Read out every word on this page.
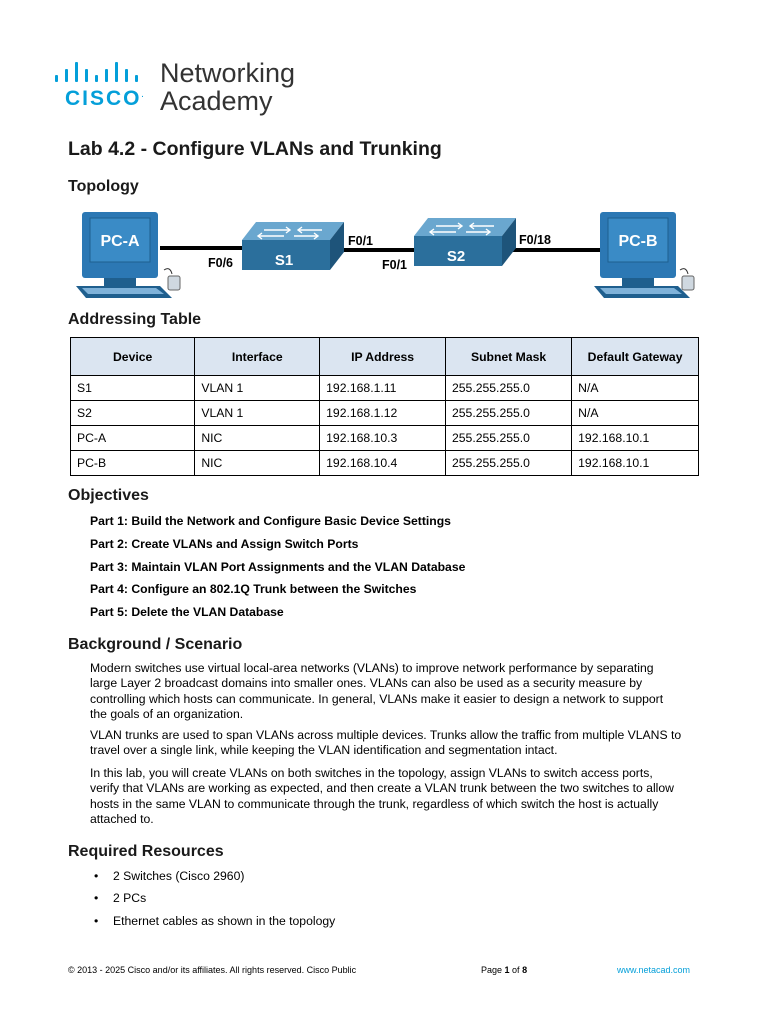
CISCO.
Networking
Academy
Lab 4.2 - Configure VLANs and Trunking
Topology
PC-A
S1	S2
PC-B
F0/6
F0/1
F0/1
F0/18
Addressing Table
Device	Interface	IP Address	Subnet Mask	Default Gateway
S1	VLAN 1	192.168.1.11	255.255.255.0	N/A
S2	VLAN 1	192.168.1.12	255.255.255.0	N/A
PC-A	NIC	192.168.10.3	255.255.255.0	192.168.10.1
PC-B	NIC	192.168.10.4	255.255.255.0	192.168.10.1
Objectives
Part 1: Build the Network and Configure Basic Device Settings
Part 2: Create VLANs and Assign Switch Ports
Part 3: Maintain VLAN Port Assignments and the VLAN Database
Part 4: Configure an 802.1Q Trunk between the Switches
Part 5: Delete the VLAN Database
Background / Scenario
Modern switches use virtual local-area networks (VLANs) to improve network performance by separating
large Layer 2 broadcast domains into smaller ones. VLANs can also be used as a security measure by
controlling which hosts can communicate. In general, VLANs make it easier to design a network to support
the goals of an organization.
VLAN trunks are used to span VLANs across multiple devices. Trunks allow the traffic from multiple VLANS to
travel over a single link, while keeping the VLAN identification and segmentation intact.
In this lab, you will create VLANs on both switches in the topology, assign VLANs to switch access ports,
verify that VLANs are working as expected, and then create a VLAN trunk between the two switches to allow
hosts in the same VLAN to communicate through the trunk, regardless of which switch the host is actually
attached to.
Required Resources
• 2 Switches (Cisco 2960)
• 2 PCs
• Ethernet cables as shown in the topology
© 2013 - 2025 Cisco and/or its affiliates. All rights reserved. Cisco Public	Page 1 of 8	www.netacad.com
